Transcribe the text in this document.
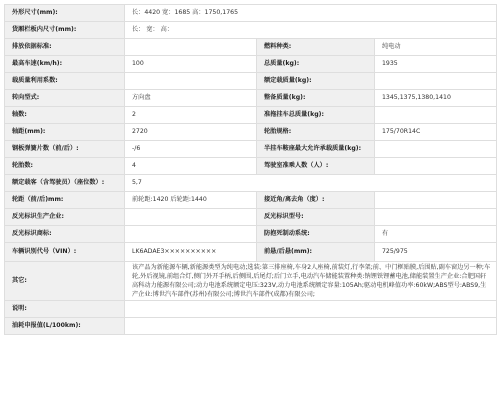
外形尺寸(mm):	长：4420 宽：1685 高：1750,1765		
货厢栏板内尺寸(mm):	长： 宽： 高：		
排放依据标准:		燃料种类:	纯电动
最高车速(km/h):	100	总质量(kg):	1935
载质量利用系数:		额定载质量(kg):	
转向型式:	方向盘	整备质量(kg):	1345,1375,1380,1410
轴数:	2	准拖挂车总质量(kg):	
轴距(mm):	2720	轮胎规格:	175/70R14C
钢板弹簧片数（前/后）:	-/6	半挂车鞍座最大允许承载质量(kg):	
轮胎数:	4	驾驶室准乘人数（人）:	
额定载客（含驾驶员）（座位数）:	5,7		
轮距（前/后)mm:	前轮距:1420 后轮距:1440	接近角/离去角（度）:	
反光标识生产企业:		反光标识型号:	
反光标识商标:		防抱死制动系统:	有
车辆识别代号（VIN）:	LK6ADAE3××××××××××	前悬/后悬(mm):	725/975
其它:	该产品为新能源车辆,新能源类型为纯电动;选装:第三排座椅,车身2人座椅,前装灯,行李架;前、中门框贴膜,后围贴,副车窗边另一种;车轮,外后视镜,前组合灯,侧门外开手柄,后侧围,后尾灯;后门立手,电动汽车储能装置种类:钠锂铁锂蓄电池,储能装置生产企业:合肥国轩高科动力能源有限公司;动力电池系统额定电压:323V,动力电池系统额定容量:105Ah;驱动电机峰值功率:60kW;ABS型号:ABS9,生产企业:博世汽车部件(苏州)有限公司;博世汽车部件(成都)有限公司;		
说明:			
油耗申报值(L/100km):			
